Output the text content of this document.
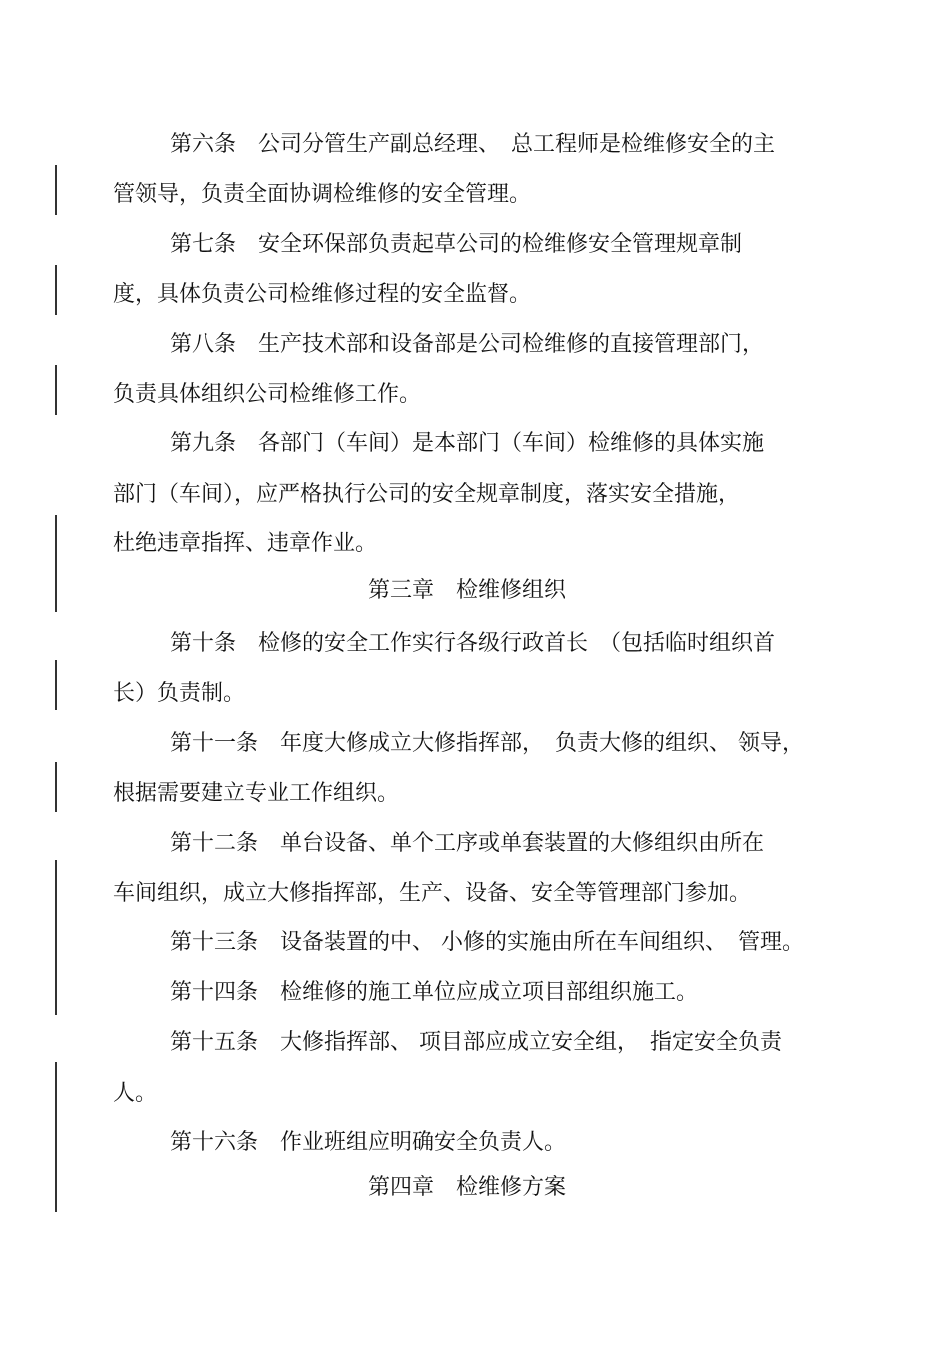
第六条　公司分管生产副总经理、　总工程师是检维修安全的主

管领导，负责全面协调检维修的安全管理。

第七条　安全环保部负责起草公司的检维修安全管理规章制

度，具体负责公司检维修过程的安全监督。

第八条　生产技术部和设备部是公司检维修的直接管理部门，

负责具体组织公司检维修工作。

第九条　各部门（车间）是本部门（车间）检维修的具体实施

部门（车间），应严格执行公司的安全规章制度，落实安全措施，

杜绝违章指挥、违章作业。

第三章　检维修组织

第十条　检修的安全工作实行各级行政首长　（包括临时组织首

长）负责制。

第十一条　年度大修成立大修指挥部，　负责大修的组织、 领导，

根据需要建立专业工作组织。

第十二条　单台设备、单个工序或单套装置的大修组织由所在

车间组织，成立大修指挥部，生产、设备、安全等管理部门参加。

第十三条　设备装置的中、 小修的实施由所在车间组织、　管理。

第十四条　检维修的施工单位应成立项目部组织施工。

第十五条　大修指挥部、 项目部应成立安全组，　指定安全负责

人。

第十六条　作业班组应明确安全负责人。

第四章　检维修方案
